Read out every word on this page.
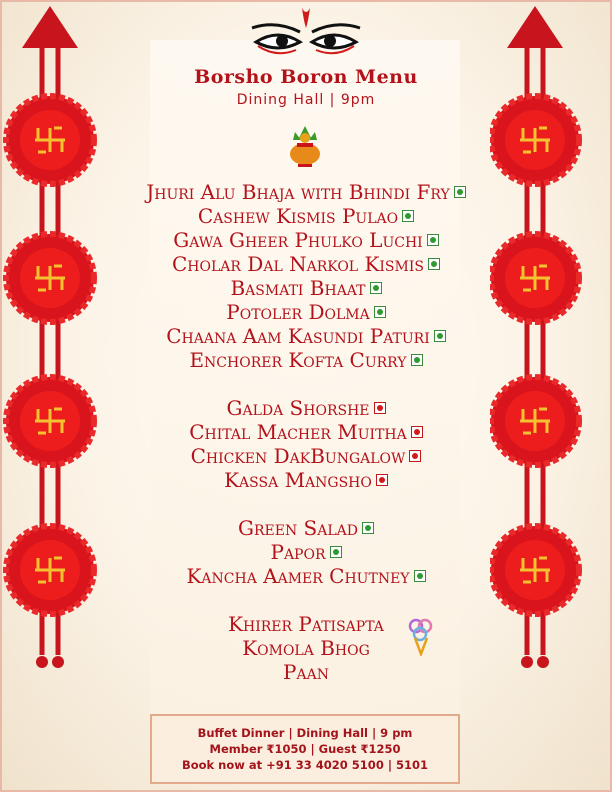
Borsho Boron Menu
Dining Hall | 9pm
Jhuri Alu Bhaja with Bhindi Fry
Cashew Kismis Pulao
Gawa Gheer Phulko Luchi
Cholar Dal Narkol Kismis
Basmati Bhaat
Potoler Dolma
Chaana Aam Kasundi Paturi
Enchorer Kofta Curry
Galda Shorshe
Chital Macher Muitha
Chicken DakBungalow
Kassa Mangsho
Green Salad
Papor
Kancha Aamer Chutney
Khirer Patisapta
Komola Bhog
Paan
Buffet Dinner | Dining Hall | 9 pm
Member ₹1050 | Guest ₹1250
Book now at +91 33 4020 5100 | 5101
